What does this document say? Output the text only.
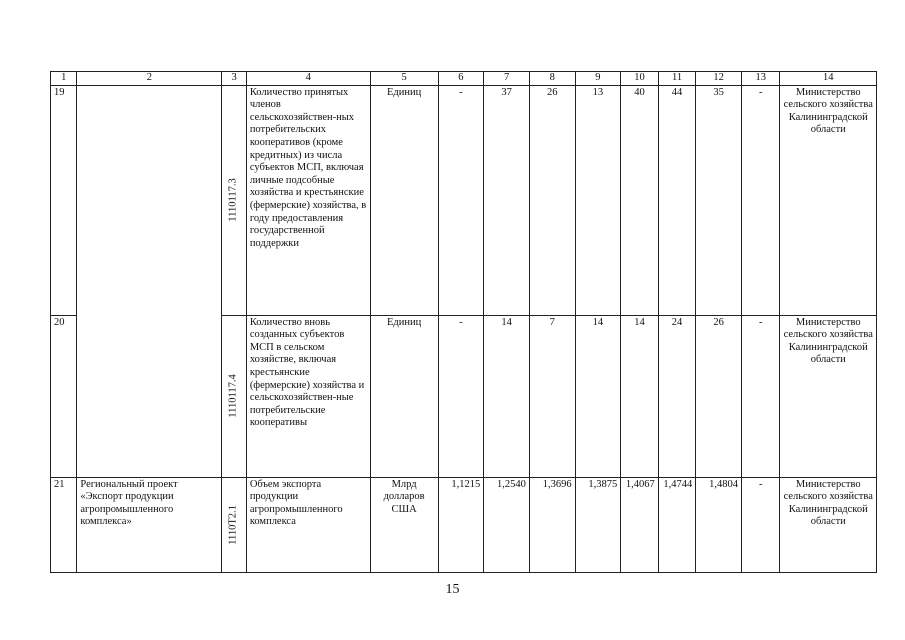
1	2	3	4	5	6	7	8	9	10	11	12	13	14
19		1110117.3	Количество принятых членов сельскохозяйствен-ных потребительских кооперативов (кроме кредитных) из числа субъектов МСП, включая личные подсобные хозяйства и крестьянские (фермерские) хозяйства, в году предоставления государственной поддержки	Единиц	-	37	26	13	40	44	35	-	Министерство сельского хозяйства Калининградской области
20		1110117.4	Количество вновь созданных субъектов МСП в сельском хозяйстве, включая крестьянские (фермерские) хозяйства и сельскохозяйствен-ные потребительские кооперативы	Единиц	-	14	7	14	14	24	26	-	Министерство сельского хозяйства Калининградской области
21	Региональный проект «Экспорт продукции агропромышленного комплекса»	1110Т2.1	Объем экспорта продукции агропромышленного комплекса	Млрд долларов США	1,1215	1,2540	1,3696	1,3875	1,4067	1,4744	1,4804	-	Министерство сельского хозяйства Калининградской области
15
